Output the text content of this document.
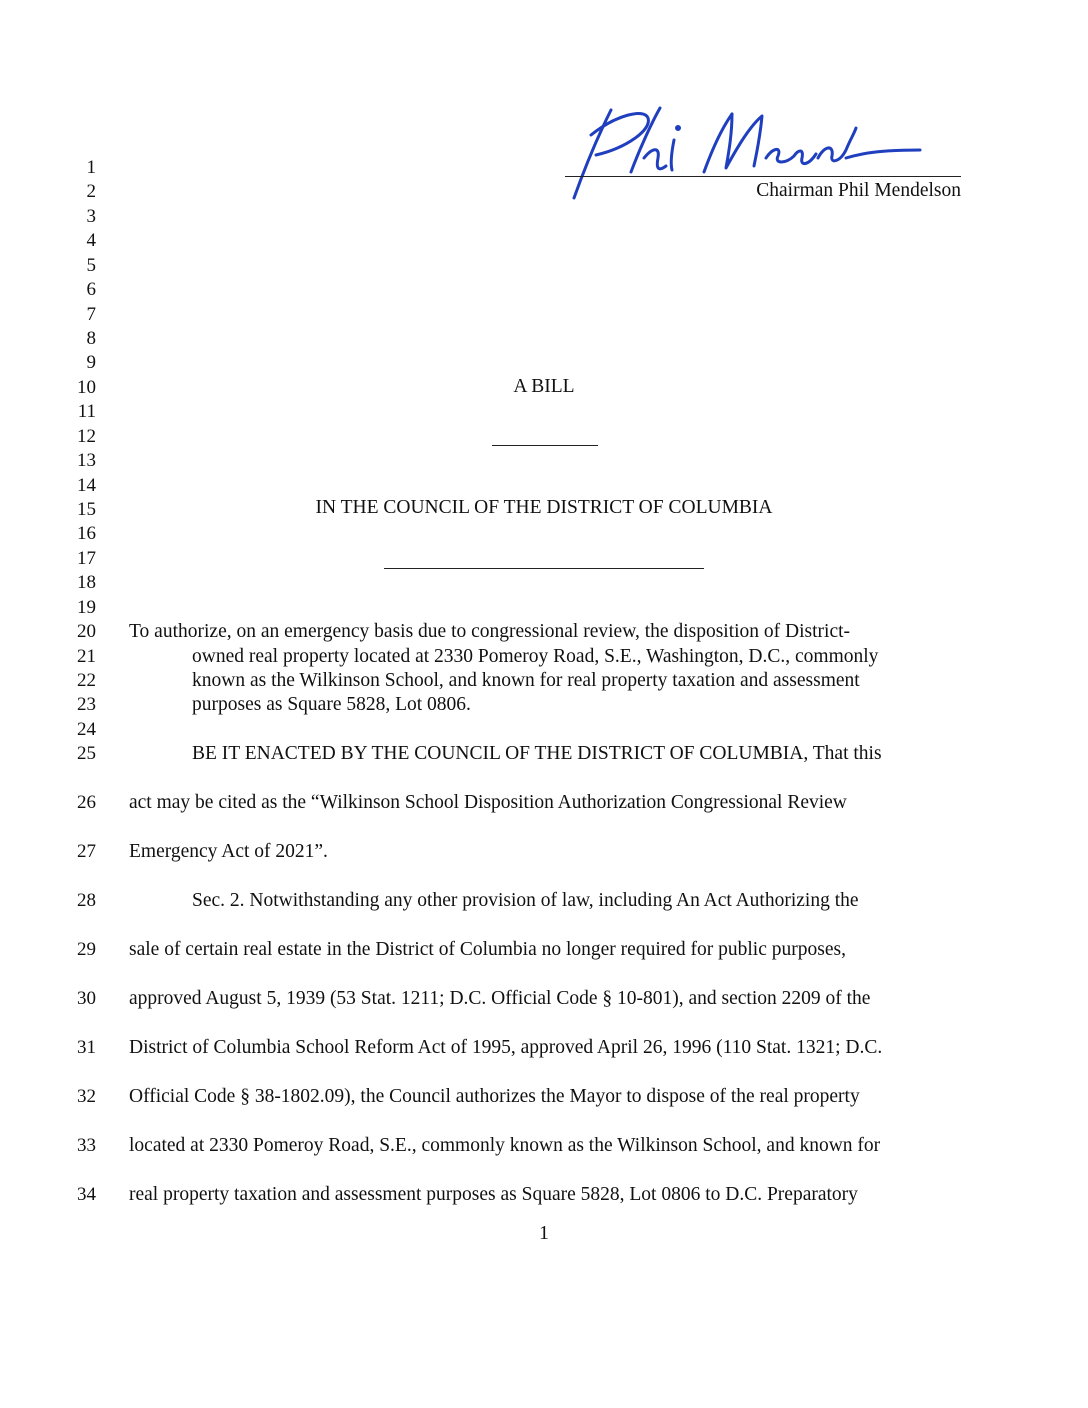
Chairman Phil Mendelson
1
2
3
4
5
6
7
8
9
10
11
12
13
14
15
16
17
18
19
20
21
22
23
24
25
26
27
28
29
30
31
32
33
34
A BILL
IN THE COUNCIL OF THE DISTRICT OF COLUMBIA
To authorize, on an emergency basis due to congressional review, the disposition of District-
owned real property located at 2330 Pomeroy Road, S.E., Washington, D.C., commonly
known as the Wilkinson School, and known for real property taxation and assessment
purposes as Square 5828, Lot 0806.
BE IT ENACTED BY THE COUNCIL OF THE DISTRICT OF COLUMBIA, That this
act may be cited as the “Wilkinson School Disposition Authorization Congressional Review
Emergency Act of 2021”.
Sec. 2. Notwithstanding any other provision of law, including An Act Authorizing the
sale of certain real estate in the District of Columbia no longer required for public purposes,
approved August 5, 1939 (53 Stat. 1211; D.C. Official Code § 10-801), and section 2209 of the
District of Columbia School Reform Act of 1995, approved April 26, 1996 (110 Stat. 1321; D.C.
Official Code § 38-1802.09), the Council authorizes the Mayor to dispose of the real property
located at 2330 Pomeroy Road, S.E., commonly known as the Wilkinson School, and known for
real property taxation and assessment purposes as Square 5828, Lot 0806 to D.C. Preparatory
1
